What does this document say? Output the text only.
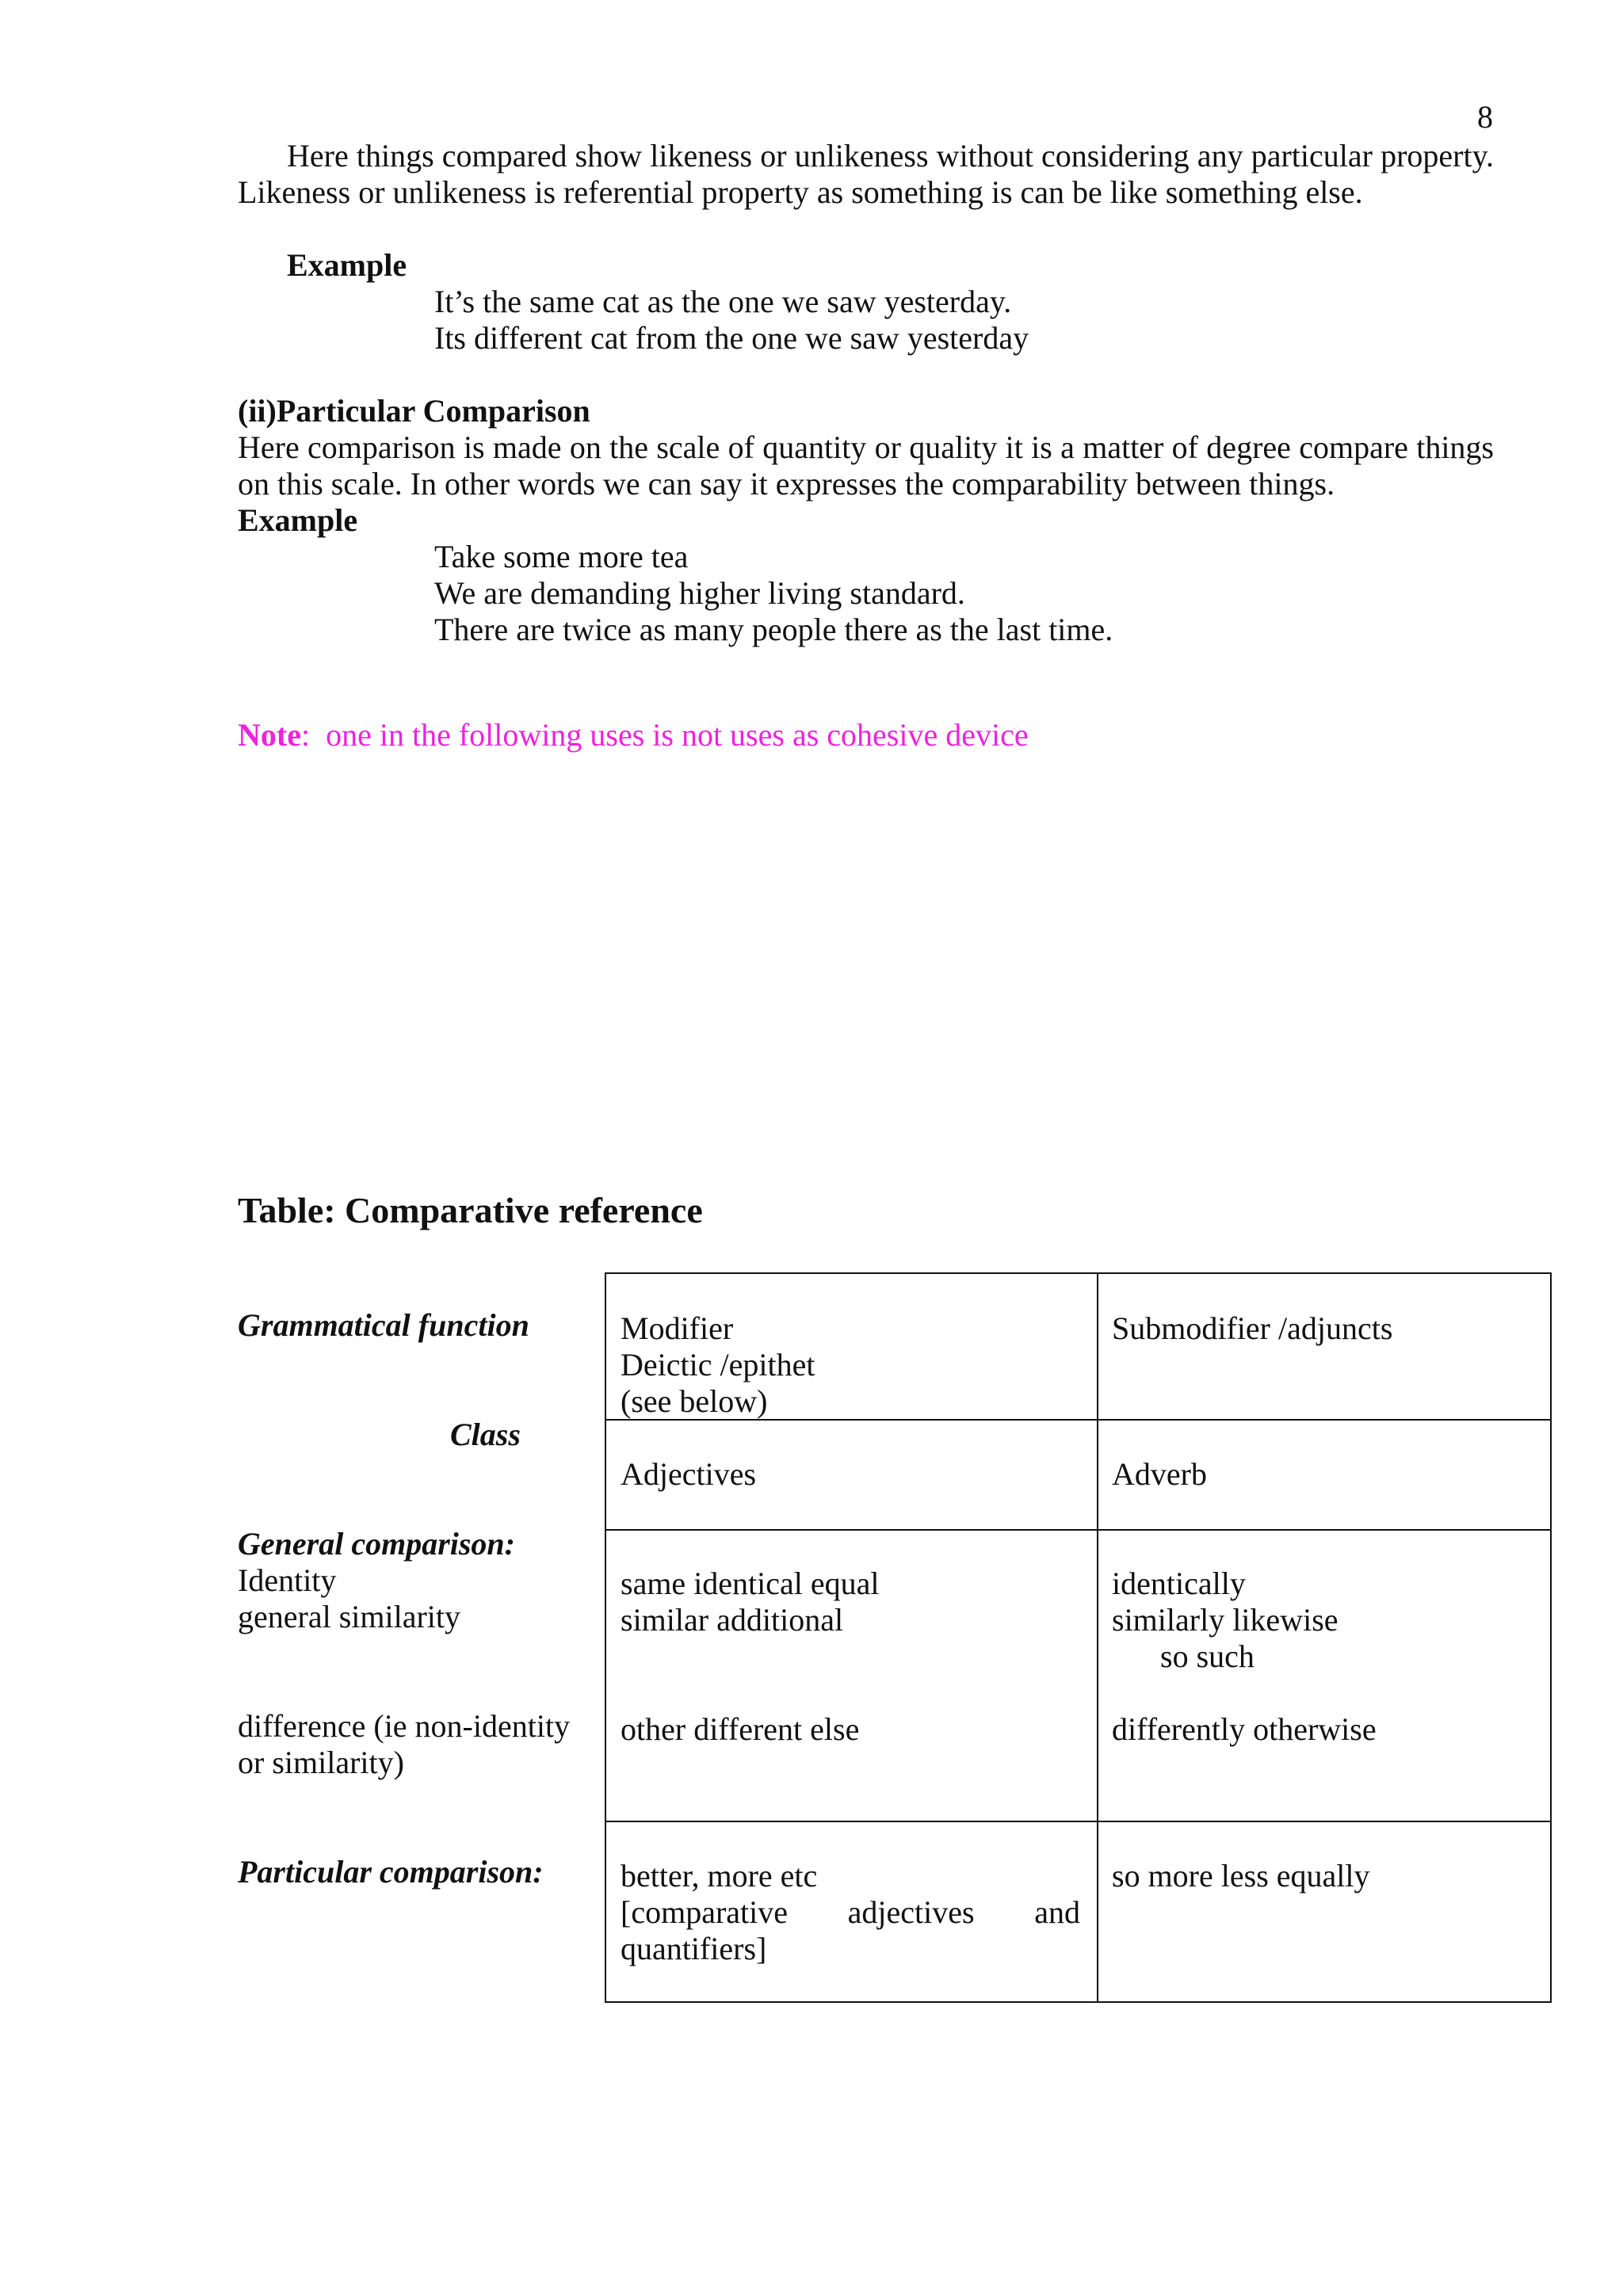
8
Here things compared show likeness or unlikeness without considering any particular property. Likeness or unlikeness is referential property as something is can be like something else.
Example
It’s the same cat as the one we saw yesterday.
Its different cat from the one we saw yesterday
(ii)Particular Comparison
Here comparison is made on the scale of quantity or quality it is a matter of degree compare things on this scale. In other words we can say it expresses the comparability between things.
Example
Take some more tea
We are demanding higher living standard.
There are twice as many people there as the last time.
Note: one in the following uses is not uses as cohesive device
Table: Comparative reference
Grammatical function
Class
General comparison:
Identity
general similarity
difference (ie non-identity or similarity)
Particular comparison:
Modifier
Deictic /epithet
(see below)
Submodifier /adjuncts
Adjectives	Adverb
same identical equal
similar additional
identically
similarly likewise
so such
other different else	differently otherwise
better, more etc
[comparative adjectives and
quantifiers]
so more less equally
